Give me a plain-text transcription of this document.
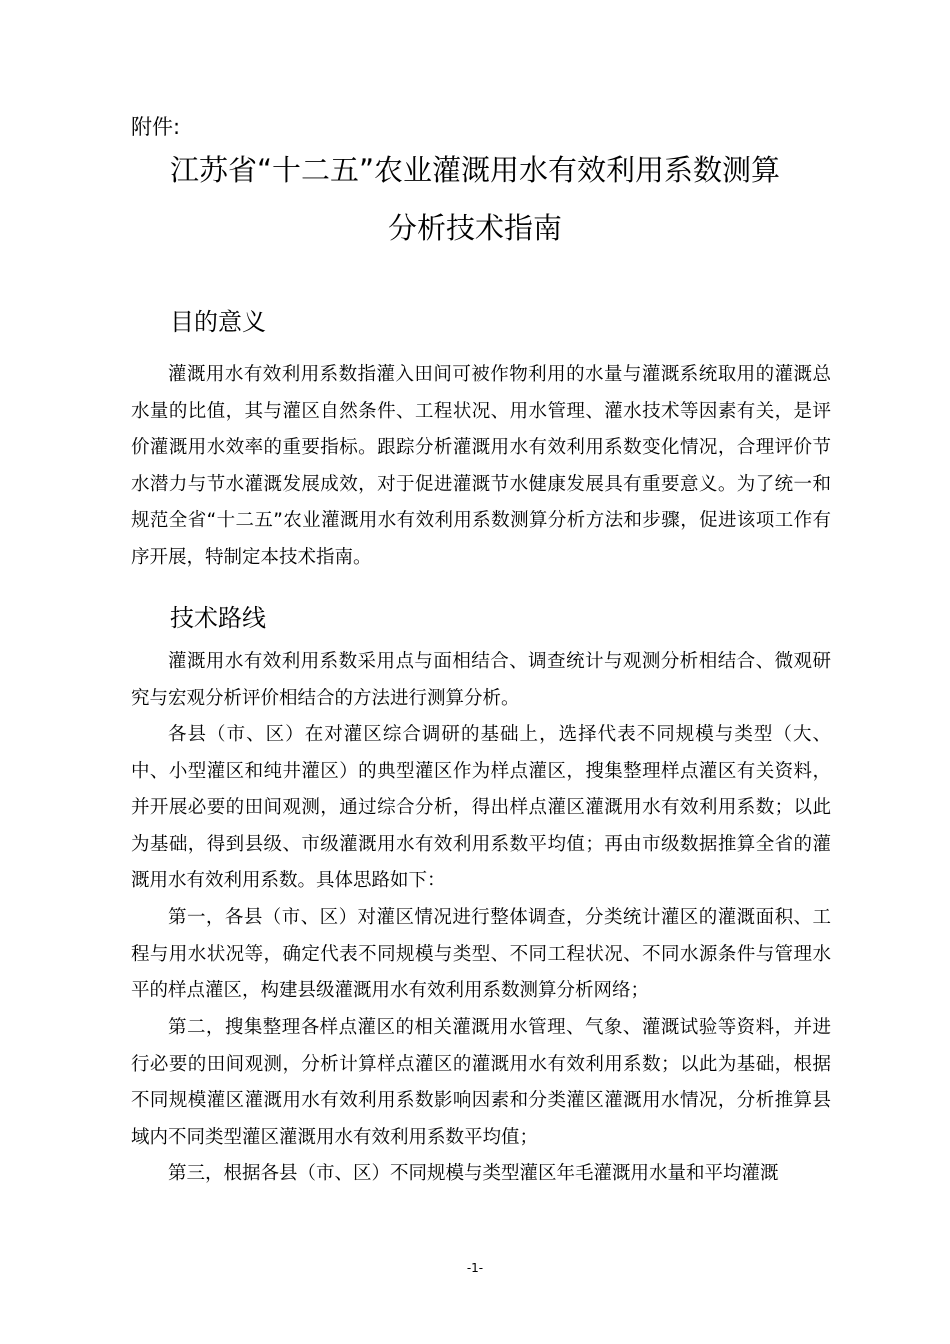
附件:
江苏省“十二五”农业灌溉用水有效利用系数测算
分析技术指南
目的意义

灌溉用水有效利用系数指灌入田间可被作物利用的水量与灌溉系统取用的灌溉总水量的比值，其与灌区自然条件、工程状况、用水管理、灌水技术等因素有关，是评价灌溉用水效率的重要指标。跟踪分析灌溉用水有效利用系数变化情况，合理评价节水潜力与节水灌溉发展成效，对于促进灌溉节水健康发展具有重要意义。为了统一和规范全省“十二五”农业灌溉用水有效利用系数测算分析方法和步骤，促进该项工作有序开展，特制定本技术指南。

技术路线

灌溉用水有效利用系数采用点与面相结合、调查统计与观测分析相结合、微观研究与宏观分析评价相结合的方法进行测算分析。

各县（市、区）在对灌区综合调研的基础上，选择代表不同规模与类型（大、中、小型灌区和纯井灌区）的典型灌区作为样点灌区，搜集整理样点灌区有关资料，并开展必要的田间观测，通过综合分析，得出样点灌区灌溉用水有效利用系数；以此为基础，得到县级、市级灌溉用水有效利用系数平均值；再由市级数据推算全省的灌溉用水有效利用系数。具体思路如下：

第一，各县（市、区）对灌区情况进行整体调查，分类统计灌区的灌溉面积、工程与用水状况等，确定代表不同规模与类型、不同工程状况、不同水源条件与管理水平的样点灌区，构建县级灌溉用水有效利用系数测算分析网络；

第二，搜集整理各样点灌区的相关灌溉用水管理、气象、灌溉试验等资料，并进行必要的田间观测，分析计算样点灌区的灌溉用水有效利用系数；以此为基础，根据不同规模灌区灌溉用水有效利用系数影响因素和分类灌区灌溉用水情况，分析推算县域内不同类型灌区灌溉用水有效利用系数平均值；

第三，根据各县（市、区）不同规模与类型灌区年毛灌溉用水量和平均灌溉

-1-
